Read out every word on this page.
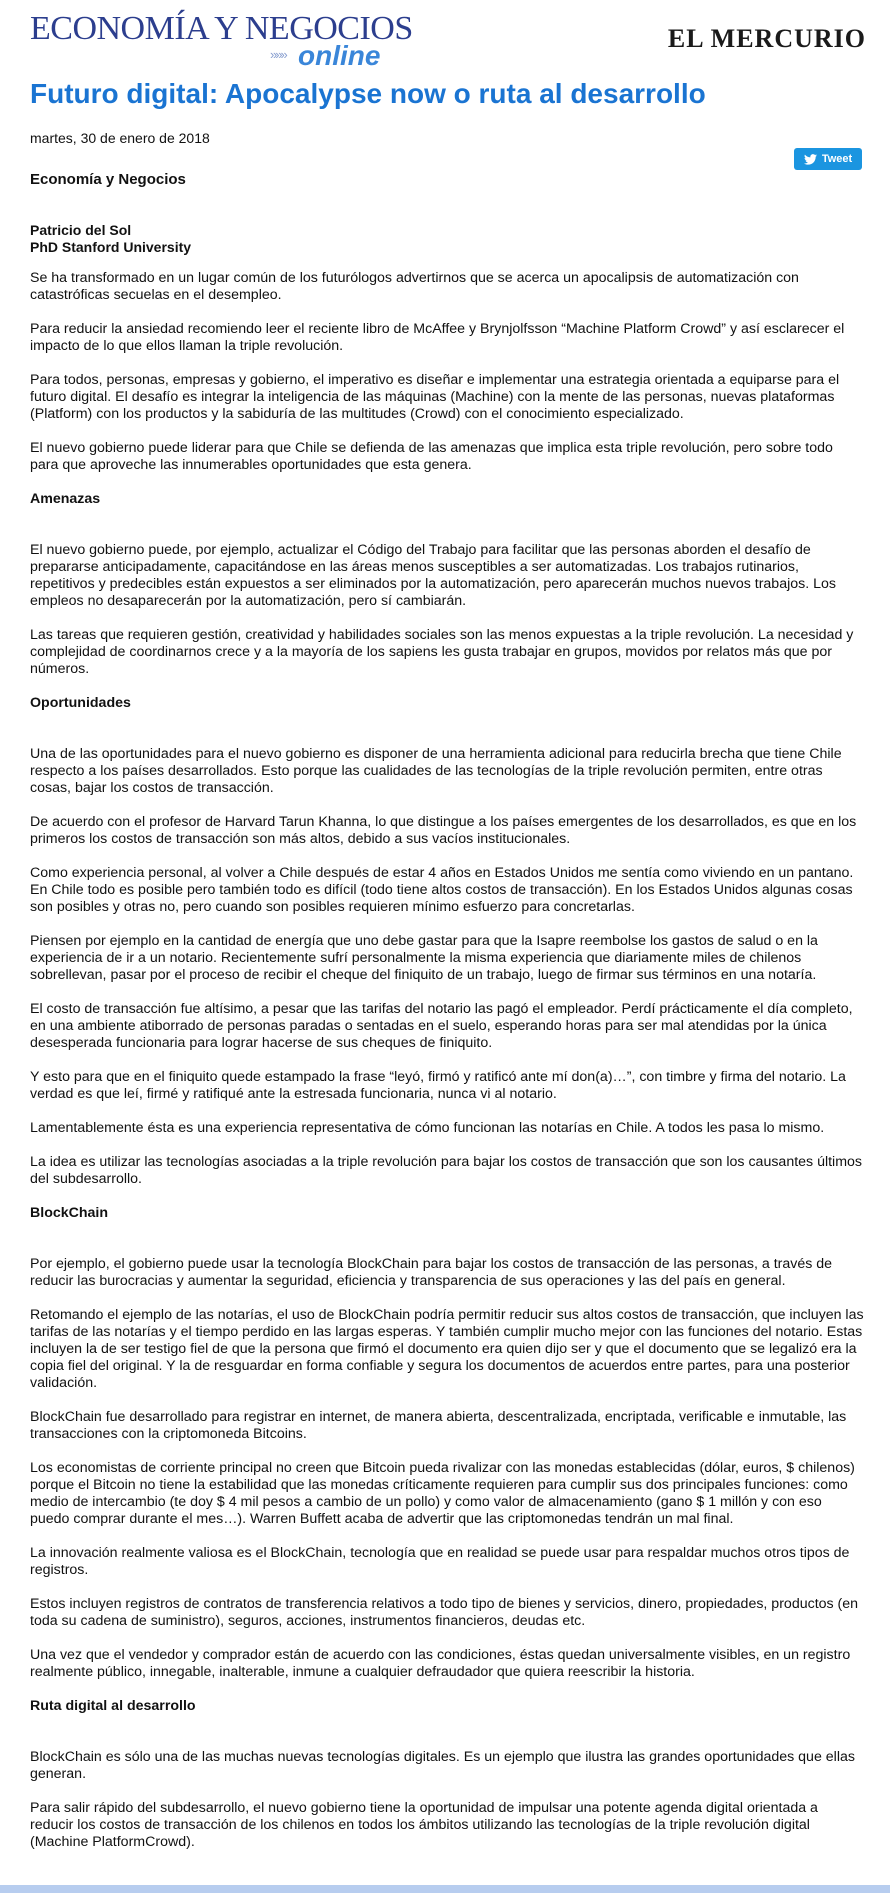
ECONOMÍA Y NEGOCIOS
»»» online
EL MERCURIO
Futuro digital: Apocalypse now o ruta al desarrollo
martes, 30 de enero de 2018
Tweet
Economía y Negocios
Patricio del Sol
PhD Stanford University

Se ha transformado en un lugar común de los futurólogos advertirnos que se acerca un apocalipsis de automatización con catastróficas secuelas en el desempleo.

Para reducir la ansiedad recomiendo leer el reciente libro de McAffee y Brynjolfsson “Machine Platform Crowd” y así esclarecer el impacto de lo que ellos llaman la triple revolución.

Para todos, personas, empresas y gobierno, el imperativo es diseñar e implementar una estrategia orientada a equiparse para el futuro digital. El desafío es integrar la inteligencia de las máquinas (Machine) con la mente de las personas, nuevas plataformas (Platform) con los productos y la sabiduría de las multitudes (Crowd) con el conocimiento especializado.

El nuevo gobierno puede liderar para que Chile se defienda de las amenazas que implica esta triple revolución, pero sobre todo para que aproveche las innumerables oportunidades que esta genera.

Amenazas

El nuevo gobierno puede, por ejemplo, actualizar el Código del Trabajo para facilitar que las personas aborden el desafío de prepararse anticipadamente, capacitándose en las áreas menos susceptibles a ser automatizadas. Los trabajos rutinarios, repetitivos y predecibles están expuestos a ser eliminados por la automatización, pero aparecerán muchos nuevos trabajos. Los empleos no desaparecerán por la automatización, pero sí cambiarán.

Las tareas que requieren gestión, creatividad y habilidades sociales son las menos expuestas a la triple revolución. La necesidad y complejidad de coordinarnos crece y a la mayoría de los sapiens les gusta trabajar en grupos, movidos por relatos más que por números.

Oportunidades

Una de las oportunidades para el nuevo gobierno es disponer de una herramienta adicional para reducirla brecha que tiene Chile respecto a los países desarrollados. Esto porque las cualidades de las tecnologías de la triple revolución permiten, entre otras cosas, bajar los costos de transacción.

De acuerdo con el profesor de Harvard Tarun Khanna, lo que distingue a los países emergentes de los desarrollados, es que en los primeros los costos de transacción son más altos, debido a sus vacíos institucionales.

Como experiencia personal, al volver a Chile después de estar 4 años en Estados Unidos me sentía como viviendo en un pantano. En Chile todo es posible pero también todo es difícil (todo tiene altos costos de transacción). En los Estados Unidos algunas cosas son posibles y otras no, pero cuando son posibles requieren mínimo esfuerzo para concretarlas.

Piensen por ejemplo en la cantidad de energía que uno debe gastar para que la Isapre reembolse los gastos de salud o en la experiencia de ir a un notario. Recientemente sufrí personalmente la misma experiencia que diariamente miles de chilenos sobrellevan, pasar por el proceso de recibir el cheque del finiquito de un trabajo, luego de firmar sus términos en una notaría.

El costo de transacción fue altísimo, a pesar que las tarifas del notario las pagó el empleador. Perdí prácticamente el día completo, en una ambiente atiborrado de personas paradas o sentadas en el suelo, esperando horas para ser mal atendidas por la única desesperada funcionaria para lograr hacerse de sus cheques de finiquito.

Y esto para que en el finiquito quede estampado la frase “leyó, firmó y ratificó ante mí don(a)…”, con timbre y firma del notario. La verdad es que leí, firmé y ratifiqué ante la estresada funcionaria, nunca vi al notario.

Lamentablemente ésta es una experiencia representativa de cómo funcionan las notarías en Chile. A todos les pasa lo mismo.

La idea es utilizar las tecnologías asociadas a la triple revolución para bajar los costos de transacción que son los causantes últimos del subdesarrollo.

BlockChain

Por ejemplo, el gobierno puede usar la tecnología BlockChain para bajar los costos de transacción de las personas, a través de reducir las burocracias y aumentar la seguridad, eficiencia y transparencia de sus operaciones y las del país en general.

Retomando el ejemplo de las notarías, el uso de BlockChain podría permitir reducir sus altos costos de transacción, que incluyen las tarifas de las notarías y el tiempo perdido en las largas esperas. Y también cumplir mucho mejor con las funciones del notario. Estas incluyen la de ser testigo fiel de que la persona que firmó el documento era quien dijo ser y que el documento que se legalizó era la copia fiel del original. Y la de resguardar en forma confiable y segura los documentos de acuerdos entre partes, para una posterior validación.

BlockChain fue desarrollado para registrar en internet, de manera abierta, descentralizada, encriptada, verificable e inmutable, las transacciones con la criptomoneda Bitcoins.

Los economistas de corriente principal no creen que Bitcoin pueda rivalizar con las monedas establecidas (dólar, euros, $ chilenos) porque el Bitcoin no tiene la estabilidad que las monedas críticamente requieren para cumplir sus dos principales funciones: como medio de intercambio (te doy $ 4 mil pesos a cambio de un pollo) y como valor de almacenamiento (gano $ 1 millón y con eso puedo comprar durante el mes…). Warren Buffett acaba de advertir que las criptomonedas tendrán un mal final.

La innovación realmente valiosa es el BlockChain, tecnología que en realidad se puede usar para respaldar muchos otros tipos de registros.

Estos incluyen registros de contratos de transferencia relativos a todo tipo de bienes y servicios, dinero, propiedades, productos (en toda su cadena de suministro), seguros, acciones, instrumentos financieros, deudas etc.

Una vez que el vendedor y comprador están de acuerdo con las condiciones, éstas quedan universalmente visibles, en un registro realmente público, innegable, inalterable, inmune a cualquier defraudador que quiera reescribir la historia.

Ruta digital al desarrollo

BlockChain es sólo una de las muchas nuevas tecnologías digitales. Es un ejemplo que ilustra las grandes oportunidades que ellas generan.

Para salir rápido del subdesarrollo, el nuevo gobierno tiene la oportunidad de impulsar una potente agenda digital orientada a reducir los costos de transacción de los chilenos en todos los ámbitos utilizando las tecnologías de la triple revolución digital (Machine PlatformCrowd).
